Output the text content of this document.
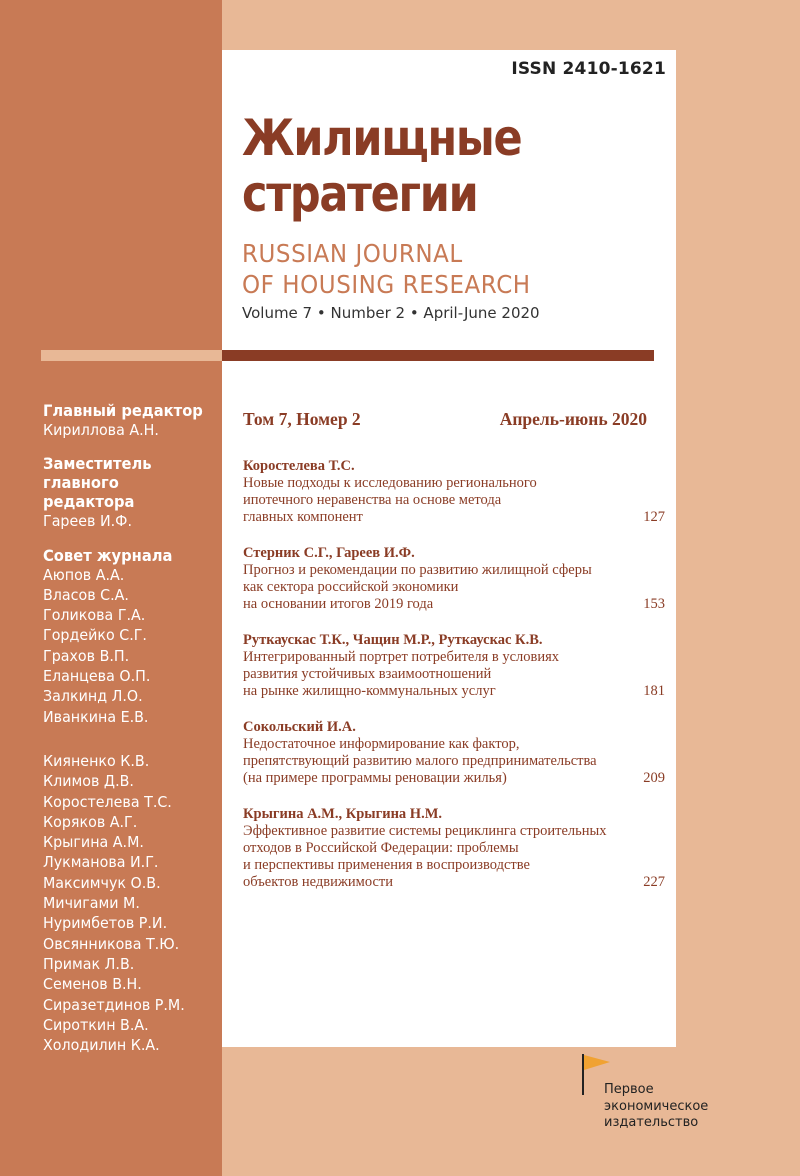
ISSN 2410-1621
Жилищные
стратегии
RUSSIAN JOURNAL
OF HOUSING RESEARCH
Volume 7 • Number 2 • April-June 2020

Главный редактор

Кириллова А.Н.

Заместитель

главного редактора

Гареев И.Ф.

Совет журнала

Аюпов А.А.

Власов С.А.

Голикова Г.А.

Гордейко С.Г.

Грахов В.П.

Еланцева О.П.

Залкинд Л.О.

Иванкина Е.В.

Кияненко К.В.

Климов Д.В.

Коростелева Т.С.

Коряков А.Г.

Крыгина А.М.

Лукманова И.Г.

Максимчук О.В.

Мичигами М.

Нуримбетов Р.И.

Овсянникова Т.Ю.

Примак Л.В.

Семенов В.Н.

Сиразетдинов Р.М.

Сироткин В.А.

Холодилин К.А.

Том 7, Номер 2	Апрель-июнь 2020
Коростелева Т.С.
Новые подходы к исследованию регионального
ипотечного неравенства на основе метода
главных компонент	127
Стерник С.Г., Гареев И.Ф.
Прогноз и рекомендации по развитию жилищной сферы
как сектора российской экономики
на основании итогов 2019 года	153
Руткаускас Т.К., Чащин М.Р., Руткаускас К.В.
Интегрированный портрет потребителя в условиях
развития устойчивых взаимоотношений
на рынке жилищно-коммунальных услуг	181
Сокольский И.А.
Недостаточное информирование как фактор,
препятствующий развитию малого предпринимательства
(на примере программы реновации жилья)	209
Крыгина А.М., Крыгина Н.М.
Эффективное развитие системы рециклинга строительных
отходов в Российской Федерации: проблемы
и перспективы применения в воспроизводстве
объектов недвижимости	227
Первое
экономическое
издательство
